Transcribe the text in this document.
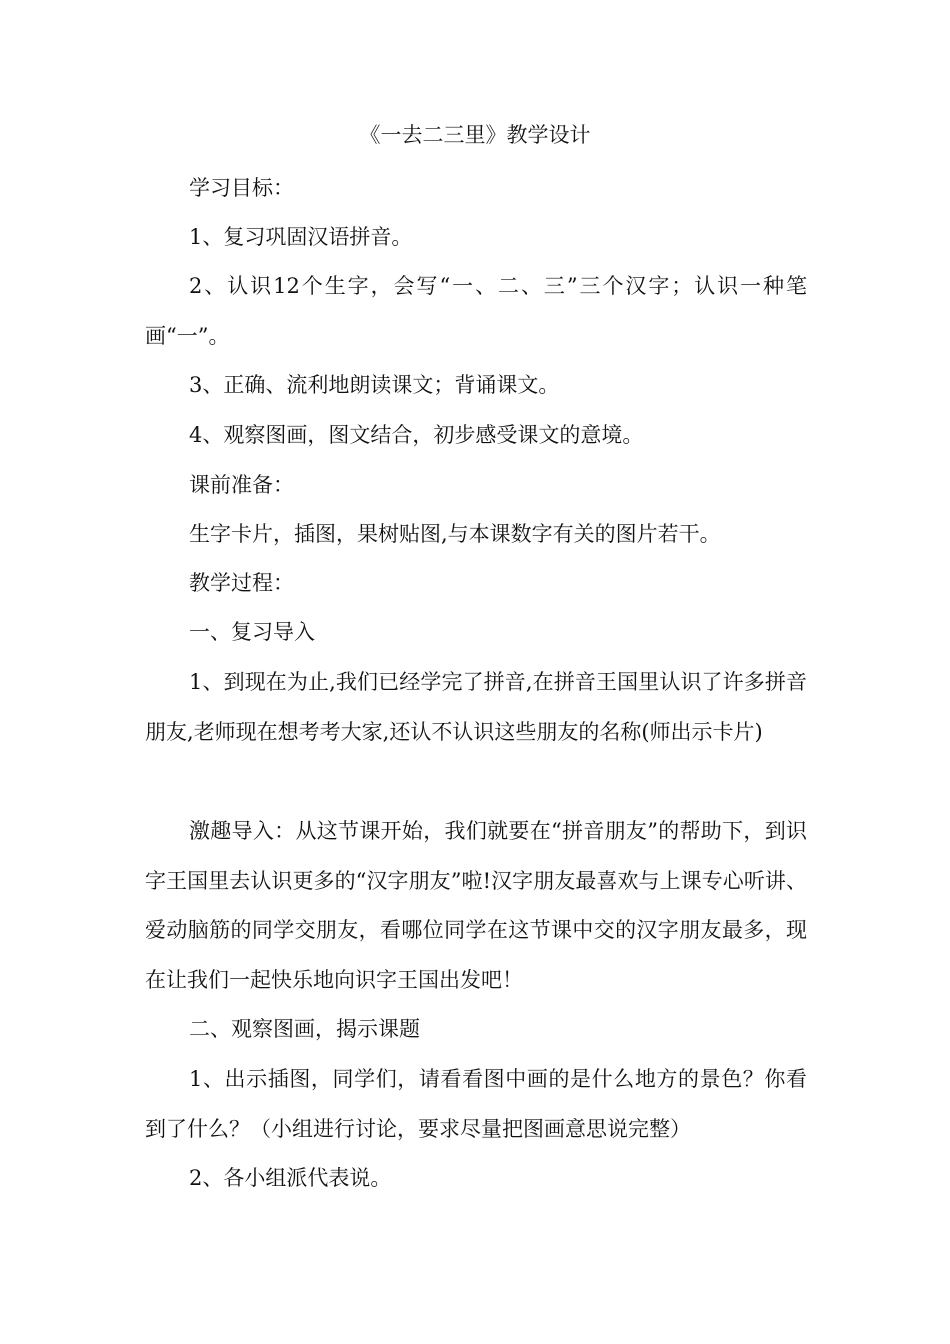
《一去二三里》教学设计

学习目标：

1、复习巩固汉语拼音。

2、认识12个生字，会写“一、二、三”三个汉字；认识一种笔画“一”。

3、正确、流利地朗读课文；背诵课文。

4、观察图画，图文结合，初步感受课文的意境。

课前准备：

生字卡片，插图，果树贴图,与本课数字有关的图片若干。

教学过程：

一、复习导入

1、到现在为止,我们已经学完了拼音,在拼音王国里认识了许多拼音朋友,老师现在想考考大家,还认不认识这些朋友的名称(师出示卡片)

激趣导入：从这节课开始，我们就要在“拼音朋友”的帮助下，到识字王国里去认识更多的“汉字朋友”啦!汉字朋友最喜欢与上课专心听讲、爱动脑筋的同学交朋友，看哪位同学在这节课中交的汉字朋友最多，现在让我们一起快乐地向识字王国出发吧！

二、观察图画，揭示课题

1、出示插图，同学们，请看看图中画的是什么地方的景色？你看到了什么？（小组进行讨论，要求尽量把图画意思说完整）

2、各小组派代表说。
